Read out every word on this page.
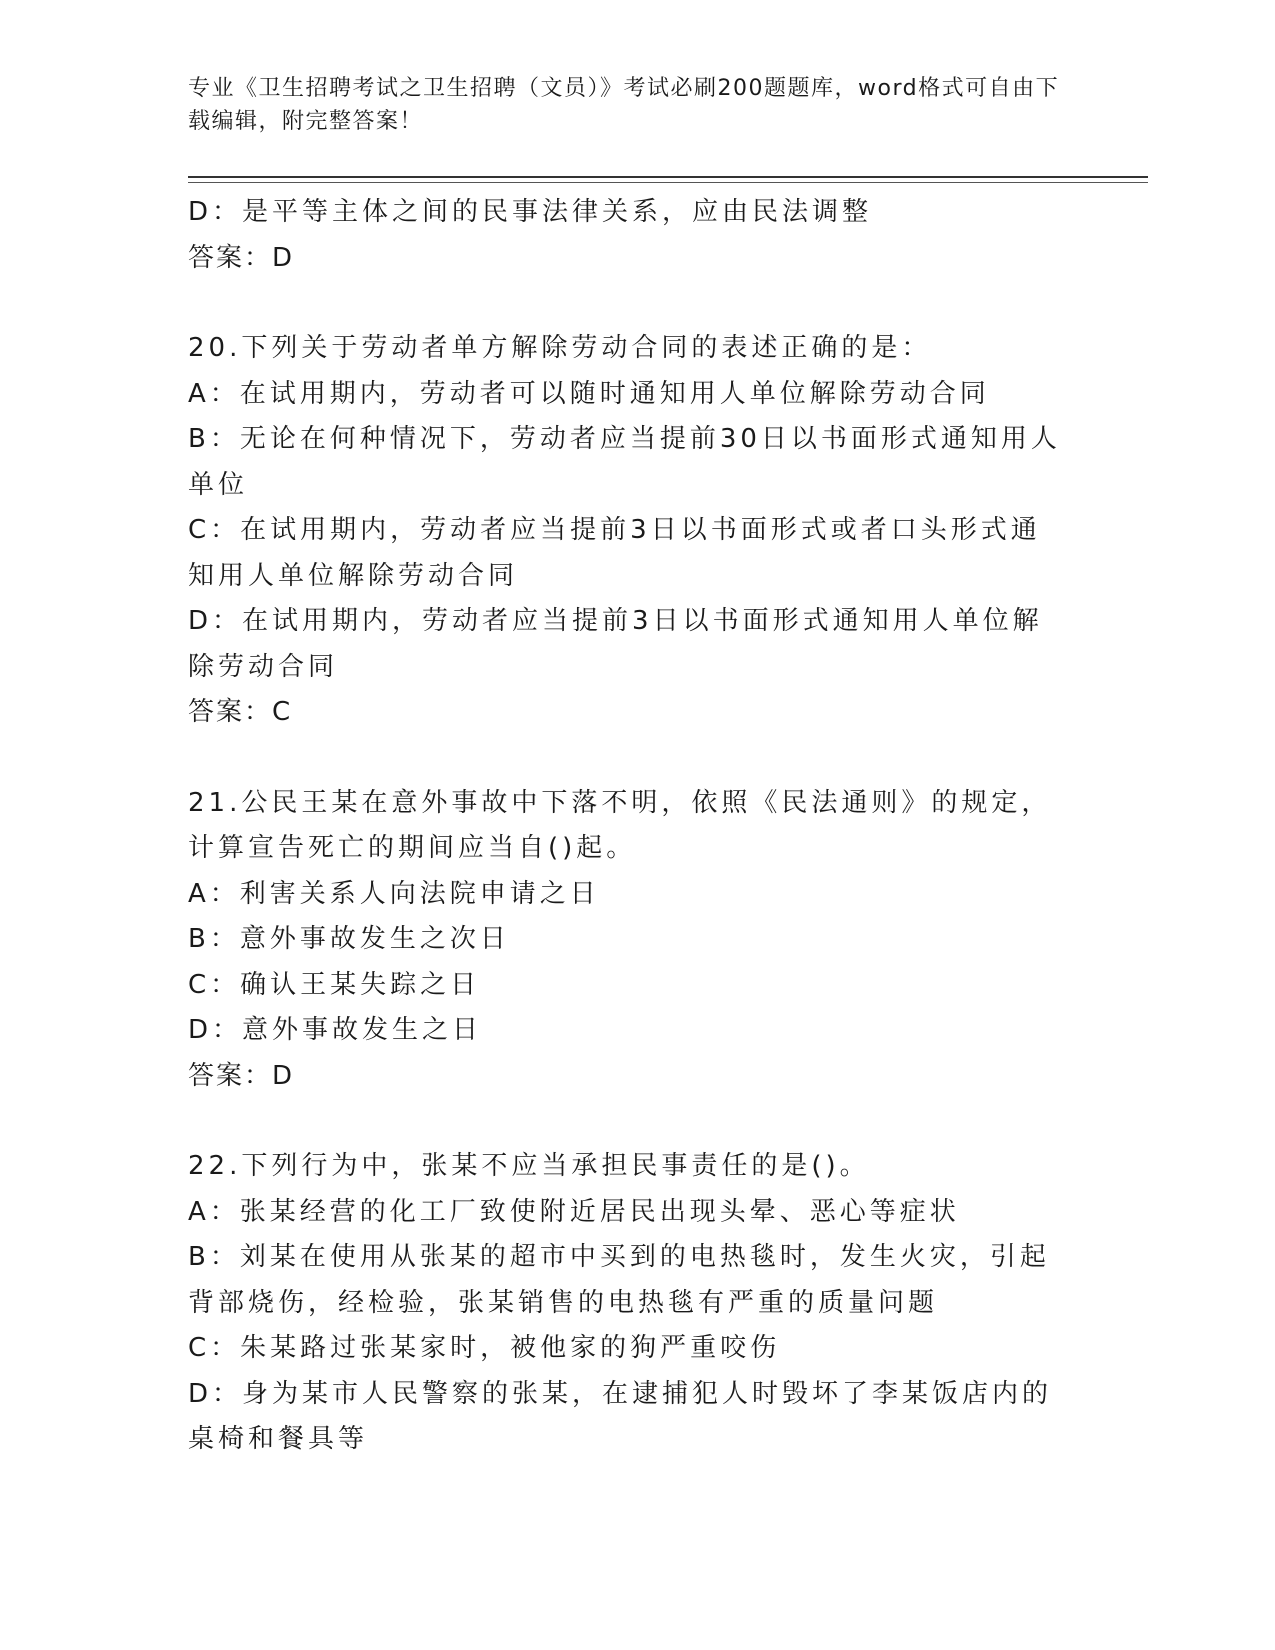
专业《卫生招聘考试之卫生招聘（文员）》考试必刷200题题库，word格式可自由下载编辑，附完整答案！

D：是平等主体之间的民事法律关系，应由民法调整

答案：D

20.下列关于劳动者单方解除劳动合同的表述正确的是：

A：在试用期内，劳动者可以随时通知用人单位解除劳动合同

B：无论在何种情况下，劳动者应当提前30日以书面形式通知用人单位

C：在试用期内，劳动者应当提前3日以书面形式或者口头形式通知用人单位解除劳动合同

D：在试用期内，劳动者应当提前3日以书面形式通知用人单位解除劳动合同

答案：C

21.公民王某在意外事故中下落不明，依照《民法通则》的规定，计算宣告死亡的期间应当自()起。

A：利害关系人向法院申请之日

B：意外事故发生之次日

C：确认王某失踪之日

D：意外事故发生之日

答案：D

22.下列行为中，张某不应当承担民事责任的是()。

A：张某经营的化工厂致使附近居民出现头晕、恶心等症状

B：刘某在使用从张某的超市中买到的电热毯时，发生火灾，引起背部烧伤，经检验，张某销售的电热毯有严重的质量问题

C：朱某路过张某家时，被他家的狗严重咬伤

D：身为某市人民警察的张某，在逮捕犯人时毁坏了李某饭店内的桌椅和餐具等
